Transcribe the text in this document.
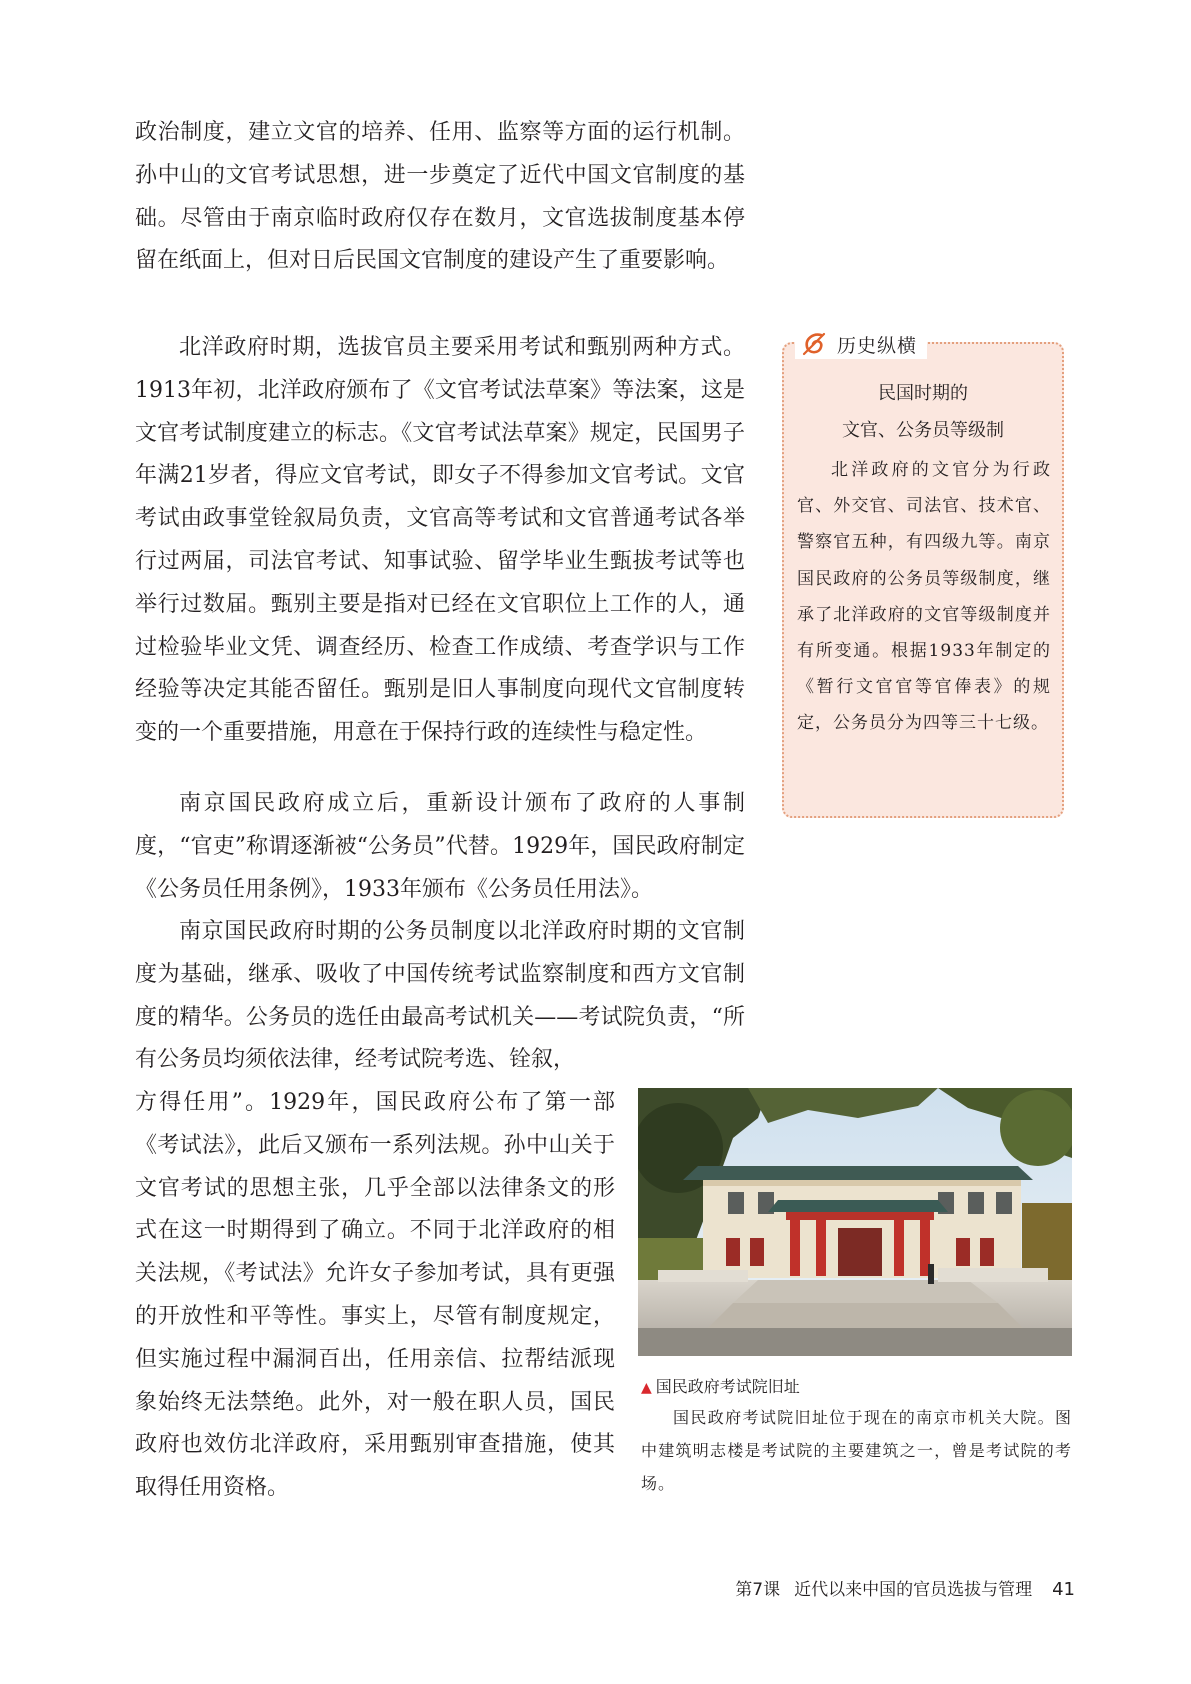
政治制度，建立文官的培养、任用、监察等方面的运行机制。孙中山的文官考试思想，进一步奠定了近代中国文官制度的基础。尽管由于南京临时政府仅存在数月，文官选拔制度基本停留在纸面上，但对日后民国文官制度的建设产生了重要影响。

北洋政府时期，选拔官员主要采用考试和甄别两种方式。1913年初，北洋政府颁布了《文官考试法草案》等法案，这是文官考试制度建立的标志。《文官考试法草案》规定，民国男子年满21岁者，得应文官考试，即女子不得参加文官考试。文官考试由政事堂铨叙局负责，文官高等考试和文官普通考试各举行过两届，司法官考试、知事试验、留学毕业生甄拔考试等也举行过数届。甄别主要是指对已经在文官职位上工作的人，通过检验毕业文凭、调查经历、检查工作成绩、考查学识与工作经验等决定其能否留任。甄别是旧人事制度向现代文官制度转变的一个重要措施，用意在于保持行政的连续性与稳定性。

南京国民政府成立后，重新设计颁布了政府的人事制度，“官吏”称谓逐渐被“公务员”代替。1929年，国民政府制定《公务员任用条例》，1933年颁布《公务员任用法》。

南京国民政府时期的公务员制度以北洋政府时期的文官制度为基础，继承、吸收了中国传统考试监察制度和西方文官制度的精华。公务员的选任由最高考试机关——考试院负责，“所有公务员均须依法律，经考试院考选、铨叙，

方得任用”。1929年，国民政府公布了第一部《考试法》，此后又颁布一系列法规。孙中山关于文官考试的思想主张，几乎全部以法律条文的形式在这一时期得到了确立。不同于北洋政府的相关法规，《考试法》允许女子参加考试，具有更强的开放性和平等性。事实上，尽管有制度规定，但实施过程中漏洞百出，任用亲信、拉帮结派现象始终无法禁绝。此外，对一般在职人员，国民政府也效仿北洋政府，采用甄别审查措施，使其取得任用资格。

历史纵横
民国时期的
文官、公务员等级制

北洋政府的文官分为行政官、外交官、司法官、技术官、警察官五种，有四级九等。南京国民政府的公务员等级制度，继承了北洋政府的文官等级制度并有所变通。根据1933年制定的《暂行文官官等官俸表》的规定，公务员分为四等三十七级。

▲ 国民政府考试院旧址

国民政府考试院旧址位于现在的南京市机关大院。图中建筑明志楼是考试院的主要建筑之一，曾是考试院的考场。

第7课 近代以来中国的官员选拔与管理 41
